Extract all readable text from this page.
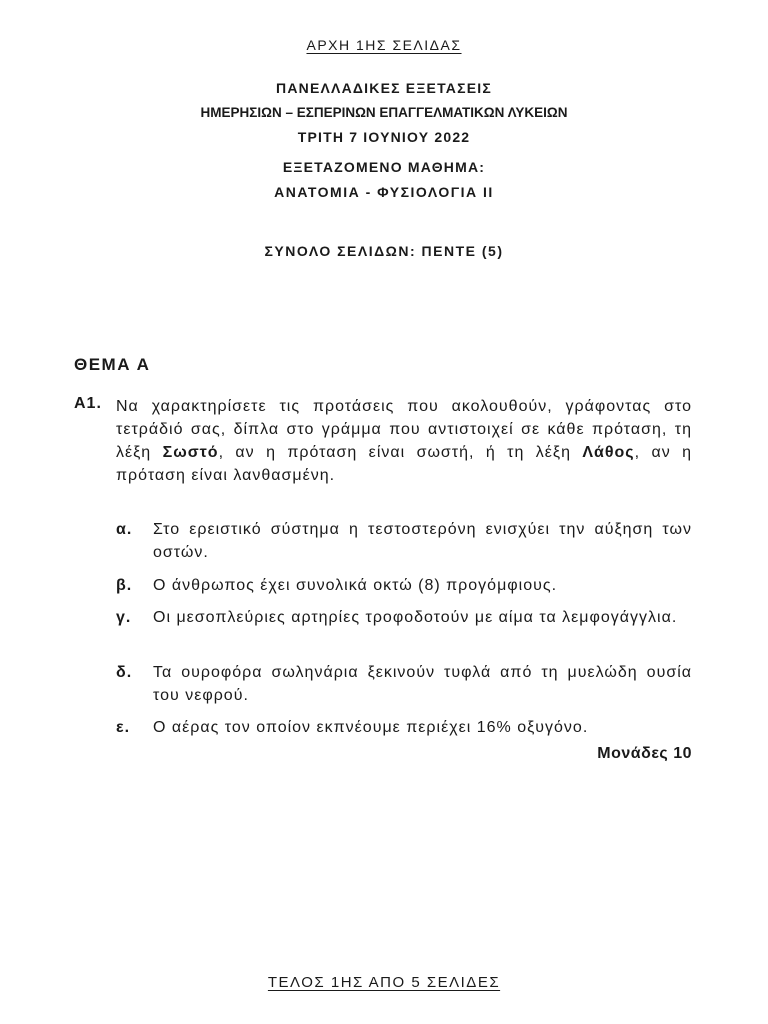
ΑΡΧΗ 1ΗΣ ΣΕΛΙΔΑΣ
ΠΑΝΕΛΛΑΔΙΚΕΣ ΕΞΕΤΑΣΕΙΣ
ΗΜΕΡΗΣΙΩΝ – ΕΣΠΕΡΙΝΩΝ ΕΠΑΓΓΕΛΜΑΤΙΚΩΝ ΛΥΚΕΙΩΝ
ΤΡΙΤΗ 7 ΙΟΥΝΙΟΥ 2022
ΕΞΕΤΑΖΟΜΕΝΟ ΜΑΘΗΜΑ:
ΑΝΑΤΟΜΙΑ - ΦΥΣΙΟΛΟΓΙΑ ΙΙ
ΣΥΝΟΛΟ ΣΕΛΙΔΩΝ: ΠΕΝΤΕ (5)
ΘΕΜΑ Α
Α1. Να χαρακτηρίσετε τις προτάσεις που ακολουθούν, γράφοντας στο τετράδιό σας, δίπλα στο γράμμα που αντιστοιχεί σε κάθε πρόταση, τη λέξη Σωστό, αν η πρόταση είναι σωστή, ή τη λέξη Λάθος, αν η πρόταση είναι λανθασμένη.
α. Στο ερειστικό σύστημα η τεστοστερόνη ενισχύει την αύξηση των οστών.
β. Ο άνθρωπος έχει συνολικά οκτώ (8) προγόμφιους.
γ. Οι μεσοπλεύριες αρτηρίες τροφοδοτούν με αίμα τα λεμφογάγγλια.
δ. Τα ουροφόρα σωληνάρια ξεκινούν τυφλά από τη μυελώδη ουσία του νεφρού.
ε. Ο αέρας τον οποίον εκπνέουμε περιέχει 16% οξυγόνο.
Μονάδες 10
ΤΕΛΟΣ 1ΗΣ ΑΠΟ 5 ΣΕΛΙΔΕΣ
